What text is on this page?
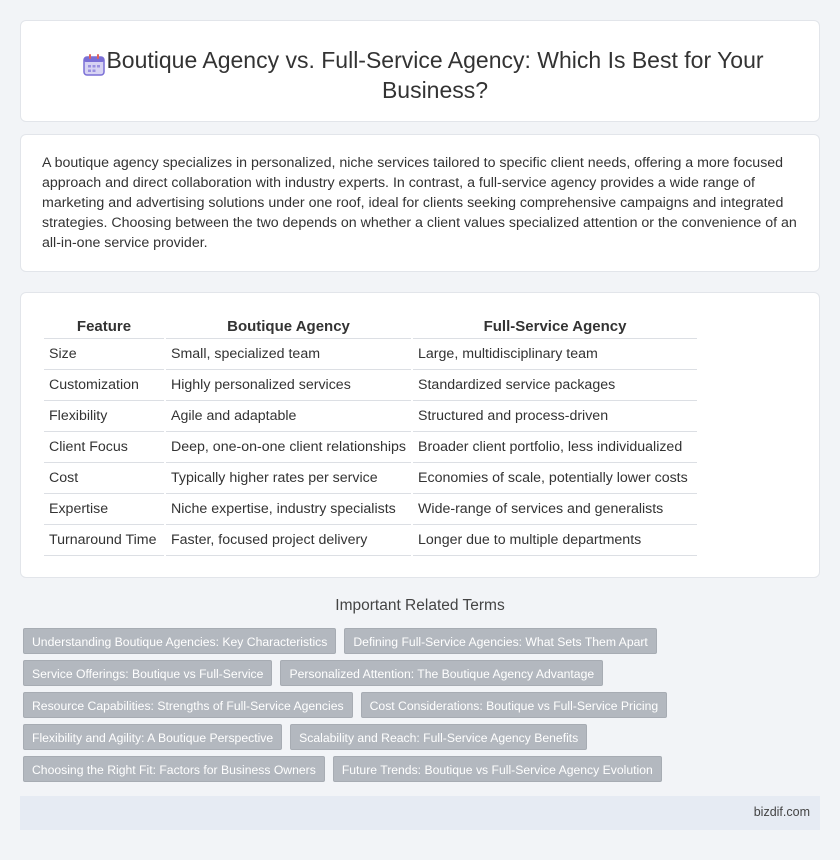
Boutique Agency vs. Full-Service Agency: Which Is Best for Your Business?

A boutique agency specializes in personalized, niche services tailored to specific client needs, offering a more focused approach and direct collaboration with industry experts. In contrast, a full-service agency provides a wide range of marketing and advertising solutions under one roof, ideal for clients seeking comprehensive campaigns and integrated strategies. Choosing between the two depends on whether a client values specialized attention or the convenience of an all-in-one service provider.

Feature	Boutique Agency	Full-Service Agency
Size	Small, specialized team	Large, multidisciplinary team
Customization	Highly personalized services	Standardized service packages
Flexibility	Agile and adaptable	Structured and process-driven
Client Focus	Deep, one-on-one client relationships	Broader client portfolio, less individualized
Cost	Typically higher rates per service	Economies of scale, potentially lower costs
Expertise	Niche expertise, industry specialists	Wide-range of services and generalists
Turnaround Time	Faster, focused project delivery	Longer due to multiple departments
Important Related Terms
Understanding Boutique Agencies: Key Characteristics	Defining Full-Service Agencies: What Sets Them Apart
Service Offerings: Boutique vs Full-Service	Personalized Attention: The Boutique Agency Advantage
Resource Capabilities: Strengths of Full-Service Agencies	Cost Considerations: Boutique vs Full-Service Pricing
Flexibility and Agility: A Boutique Perspective	Scalability and Reach: Full-Service Agency Benefits
Choosing the Right Fit: Factors for Business Owners	Future Trends: Boutique vs Full-Service Agency Evolution
bizdif.com
